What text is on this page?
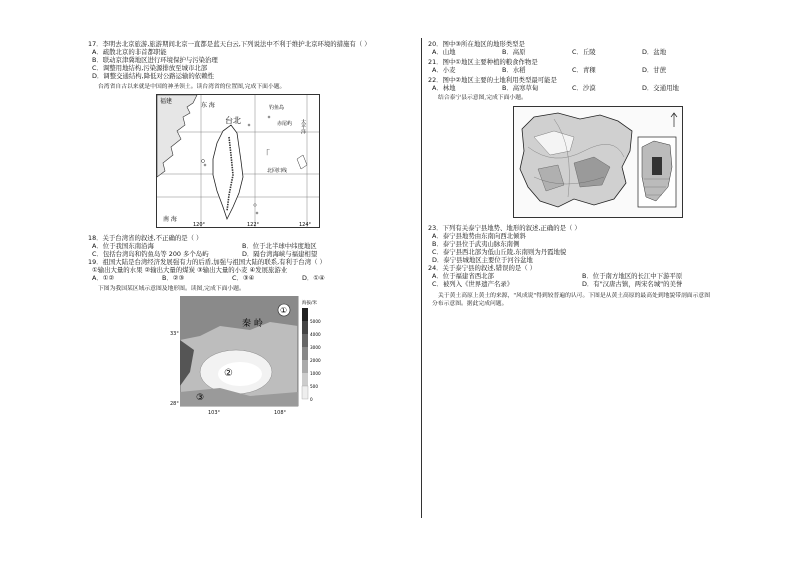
17．李明去北京旅游,旅游期间北京一直都是蓝天白云,下列说法中不利于维护北京环境的措施有（ ）

A．疏散北京的非首都职能

B．联动京津冀地区进行环境保护与污染治理

C．调整用地结构,污染源排放至城市北部

D．调整交通结构,降低对公路运输的依赖性

台湾省自古以来就是中国的神圣领土。读台湾省的位置图,完成下面小题。

福建
台北
钓鱼岛
赤尾屿
东 海
太平洋
南 海
北回归线
「
120°	122°	124°

18．关于台湾省的叙述,不正确的是（ ）

A．位于我国东南沿海	B．位于北半球中纬度地区
C．包括台湾岛和钓鱼岛等 200 多个岛屿	D．隔台湾海峡与福建相望

19．祖国大陆是台湾经济发展强有力的后盾,加强与祖国大陆的联系,有利于台湾（ ）

①输出大量的水果 ②输出大量的煤炭 ③输出大量的小麦 ④发展旅游业

A．①②	B．②③	C．③④	D．①④

下图为我国某区域示意图及地形图。读图,完成下面小题。

秦 岭
①
②
③
海拔/米
5000
4000
3000
2000
1000
500
0
33°
28°
103°	108°

20．图中③所在地区的地形类型是

A．山地	B．高原	C．丘陵	D．盆地

21．图中①地区主要种植的粮食作物是

A．小麦	B．水稻	C．青稞	D．甘蔗

22．图中②地区主要的土地利用类型最可能是

A．林地	B．高寒草甸	C．沙漠	D．交通用地

结合泰宁县示意图,完成下面小题。

23．下列有关泰宁县地势、地形的叙述,正确的是（ ）

A．泰宁县地势由东南向西北倾斜

B．泰宁县位于武夷山脉东南侧

C．泰宁县西北部为低山丘陵,东南则为丹霞地貌

D．泰宁县城地区主要位于河谷盆地

24．关于泰宁县的叙述,错误的是（ ）

A．位于福建省西北部	B．位于南方地区的长江中下游平原
C．被列入《世界遗产名录》	D．有"汉唐古镇，两宋名城"的美誉

关于黄土高原上黄土的来源，"风成说"得到较普遍的认可。下图是从黄土高原的最高处到地貌带剖面示意图

分布示意图。据此完成问题。
